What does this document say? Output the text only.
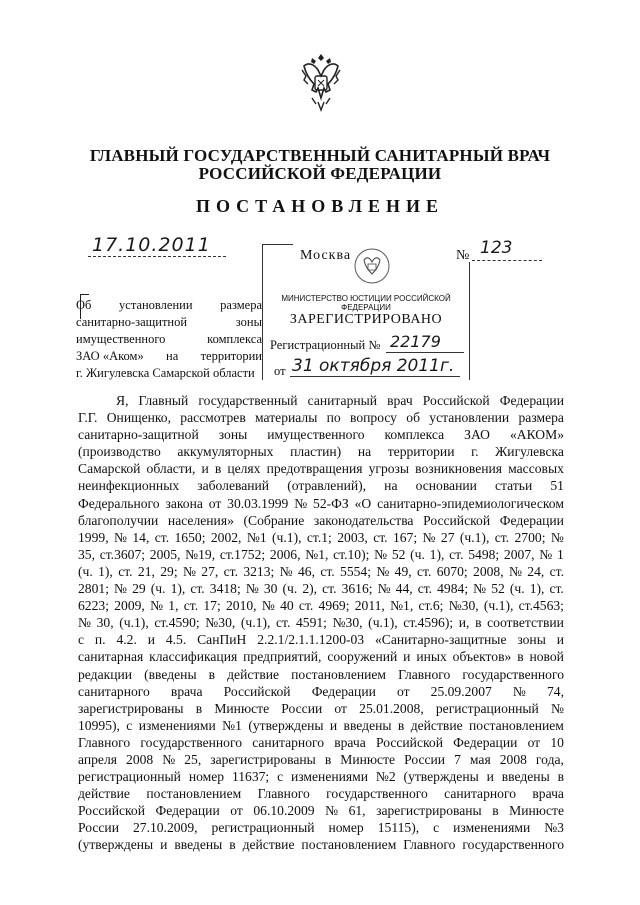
ГЛАВНЫЙ ГОСУДАРСТВЕННЫЙ САНИТАРНЫЙ ВРАЧ
РОССИЙСКОЙ ФЕДЕРАЦИИ
ПОСТАНОВЛЕНИЕ
17.10.2011	Москва	№ 123
МИНИСТЕРСТВО ЮСТИЦИИ РОССИЙСКОЙ ФЕДЕРАЦИИ
ЗАРЕГИСТРИРОВАНО
Регистрационный № 22179
от 31 октября 2011г.
Об установлении размера
санитарно-защитной	зоны
имущественного	комплекса
ЗАО «Аком» на территории
г. Жигулевска Самарской области
Я, Главный государственный санитарный врач Российской Федерации
Г.Г. Онищенко, рассмотрев материалы по вопросу об установлении размера
санитарно-защитной зоны имущественного комплекса ЗАО «АКОМ»
(производство аккумуляторных пластин) на территории г. Жигулевска
Самарской области, и в целях предотвращения угрозы возникновения массовых
неинфекционных заболеваний (отравлений), на основании статьи 51
Федерального закона от 30.03.1999 № 52-ФЗ «О санитарно-эпидемиологическом
благополучии населения» (Собрание законодательства Российской Федерации
1999, № 14, ст. 1650; 2002, №1 (ч.1), ст.1; 2003, ст. 167; № 27 (ч.1), ст. 2700; №
35, ст.3607; 2005, №19, ст.1752; 2006, №1, ст.10); № 52 (ч. 1), ст. 5498; 2007, № 1
(ч. 1), ст. 21, 29; № 27, ст. 3213; № 46, ст. 5554; № 49, ст. 6070; 2008, № 24, ст.
2801; № 29 (ч. 1), ст. 3418; № 30 (ч. 2), ст. 3616; № 44, ст. 4984; № 52 (ч. 1), ст.
6223; 2009, № 1, ст. 17; 2010, № 40 ст. 4969; 2011, №1, ст.6; №30, (ч.1), ст.4563;
№ 30, (ч.1), ст.4590; №30, (ч.1), ст. 4591; №30, (ч.1), ст.4596); и, в соответствии
с п. 4.2. и 4.5. СанПиН 2.2.1/2.1.1.1200-03 «Санитарно-защитные зоны и
санитарная классификация предприятий, сооружений и иных объектов» в новой
редакции (введены в действие постановлением Главного государственного
санитарного врача Российской Федерации от 25.09.2007 № 74,
зарегистрированы в Минюсте России от 25.01.2008, регистрационный №
10995), с изменениями №1 (утверждены и введены в действие постановлением
Главного государственного санитарного врача Российской Федерации от 10
апреля 2008 № 25, зарегистрированы в Минюсте России 7 мая 2008 года,
регистрационный номер 11637; с изменениями №2 (утверждены и введены в
действие постановлением Главного государственного санитарного врача
Российской Федерации от 06.10.2009 № 61, зарегистрированы в Минюсте
России 27.10.2009, регистрационный номер 15115), с изменениями №3
(утверждены и введены в действие постановлением Главного государственного
